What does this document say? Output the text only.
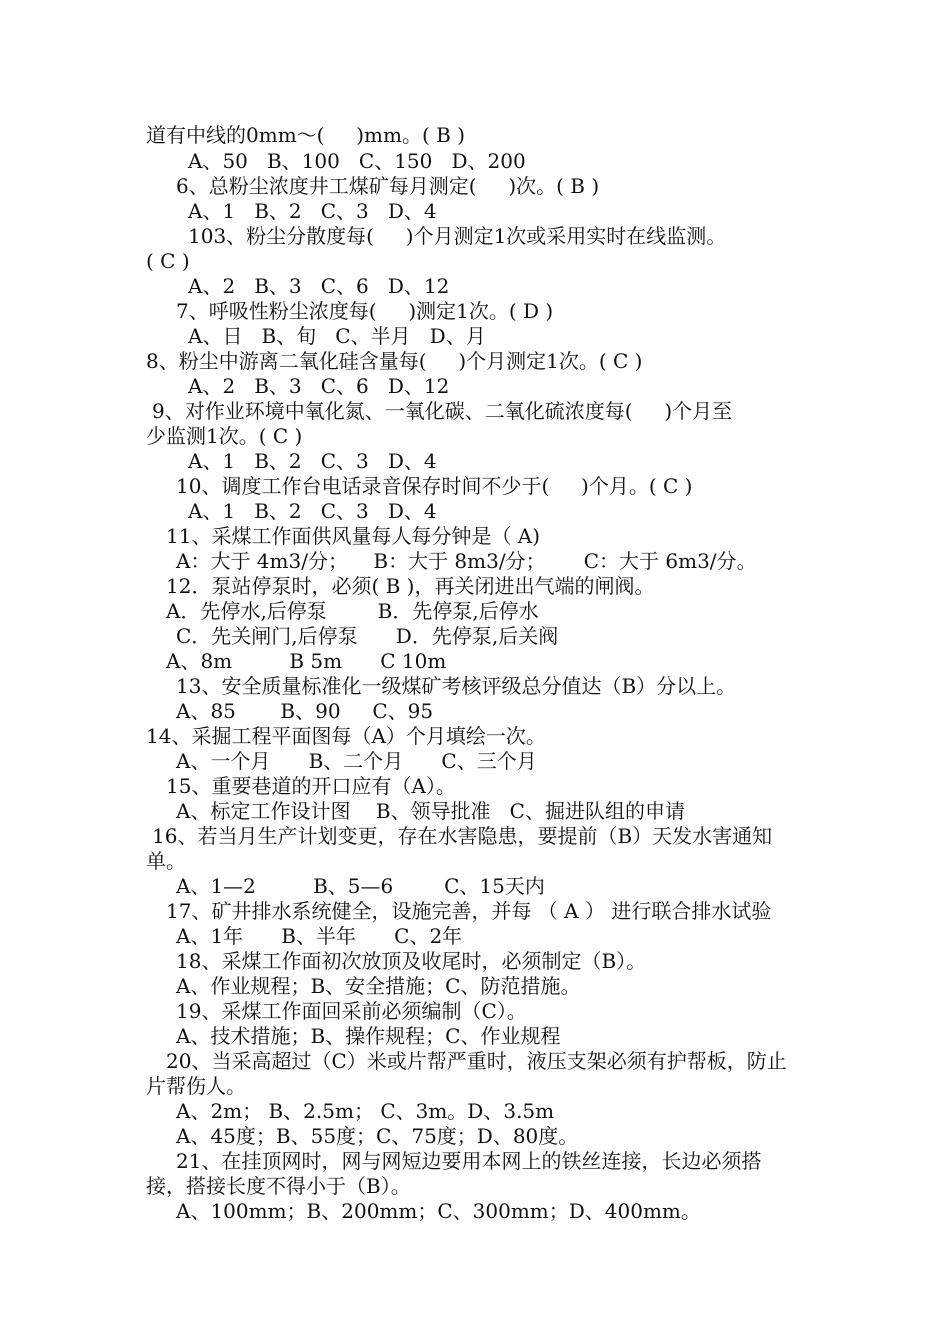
道有中线的0mm～(     )mm。( B )
A、50   B、100   C、150   D、200
6、总粉尘浓度井工煤矿每月测定(     )次。( B )
A、1   B、2   C、3   D、4
103、粉尘分散度每(     )个月测定1次或采用实时在线监测。
( C )
A、2   B、3   C、6   D、12
7、呼吸性粉尘浓度每(     )测定1次。( D )
A、日   B、旬   C、半月   D、月
8、粉尘中游离二氧化硅含量每(     )个月测定1次。( C )
A、2   B、3   C、6   D、12
9、对作业环境中氧化氮、一氧化碳、二氧化硫浓度每(     )个月至
少监测1次。( C )
A、1   B、2   C、3   D、4
10、调度工作台电话录音保存时间不少于(     )个月。( C )
A、1   B、2   C、3   D、4
11、采煤工作面供风量每人每分钟是（ A)
A：大于 4m3/分；    B：大于 8m3/分；      C：大于 6m3/分。
12．泵站停泵时，必须( B )，再关闭进出气端的闸阀。
A．先停水,后停泵        B．先停泵,后停水
C．先关闸门,后停泵      D．先停泵,后关阀
A、8m         B 5m      C 10m
13、安全质量标准化一级煤矿考核评级总分值达（B）分以上。
A、85       B、90     C、95
14、采掘工程平面图每（A）个月填绘一次。
A、一个月      B、二个月      C、三个月
15、重要巷道的开口应有（A）。
A、标定工作设计图    B、领导批准   C、掘进队组的申请
16、若当月生产计划变更，存在水害隐患，要提前（B）天发水害通知
单。
A、1—2         B、5—6        C、15天内
17、矿井排水系统健全，设施完善，并每 （ A ） 进行联合排水试验
A、1年      B、半年      C、2年
18、采煤工作面初次放顶及收尾时，必须制定（B）。
A、作业规程；B、安全措施；C、防范措施。
19、采煤工作面回采前必须编制（C）。
A、技术措施；B、操作规程；C、作业规程
20、当采高超过（C）米或片帮严重时，液压支架必须有护帮板，防止
片帮伤人。
A、2m； B、2.5m； C、3m。D、3.5m
A、45度；B、55度；C、75度；D、80度。
21、在挂顶网时，网与网短边要用本网上的铁丝连接，长边必须搭
接，搭接长度不得小于（B）。
A、100mm；B、200mm；C、300mm；D、400mm。
